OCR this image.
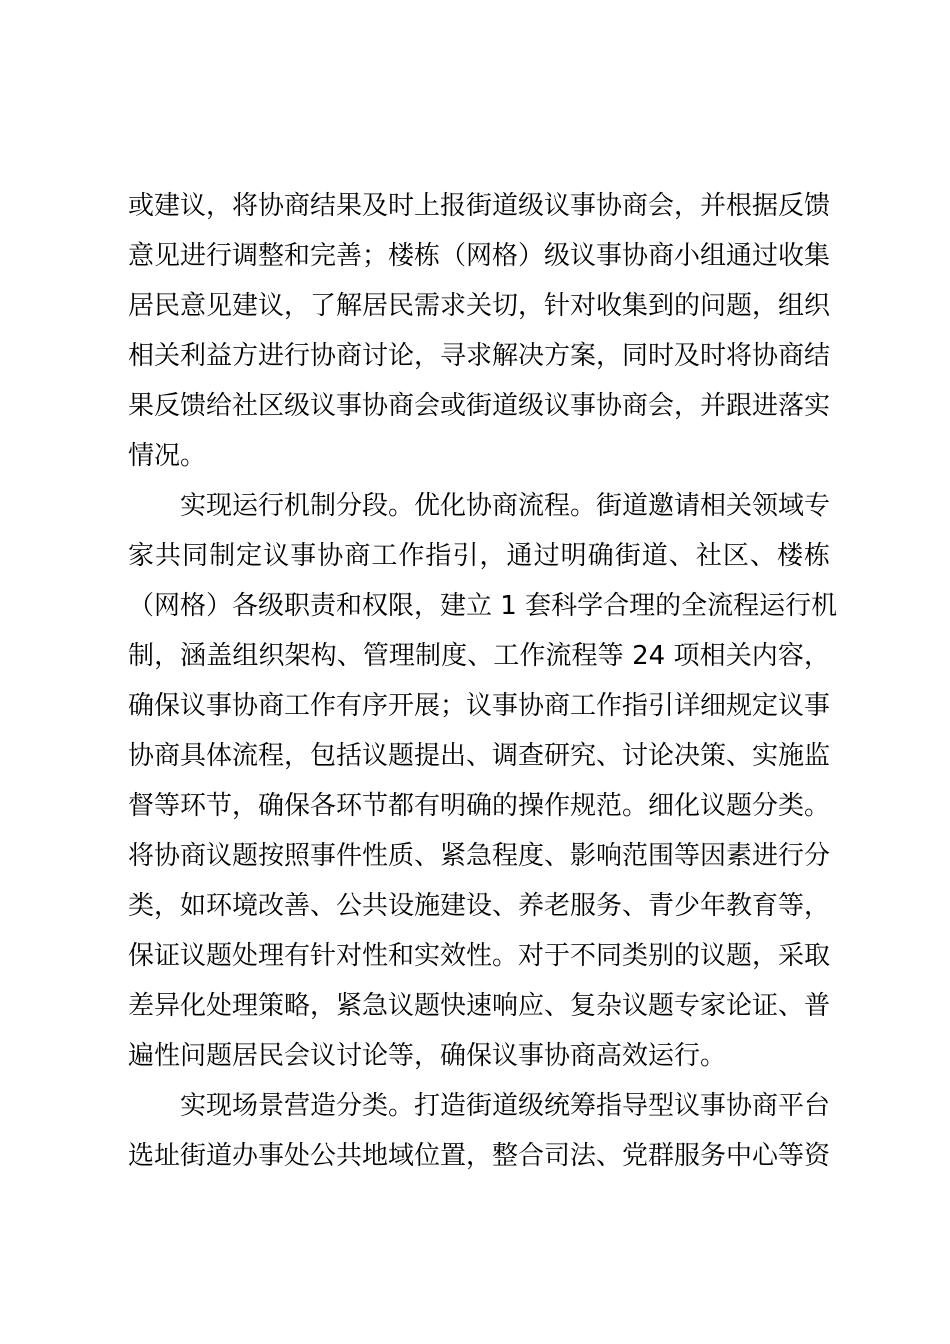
或建议，将协商结果及时上报街道级议事协商会，并根据反馈
意见进行调整和完善；楼栋（网格）级议事协商小组通过收集
居民意见建议，了解居民需求关切，针对收集到的问题，组织
相关利益方进行协商讨论，寻求解决方案，同时及时将协商结
果反馈给社区级议事协商会或街道级议事协商会，并跟进落实
情况。
实现运行机制分段。优化协商流程。街道邀请相关领域专
家共同制定议事协商工作指引，通过明确街道、社区、楼栋
（网格）各级职责和权限，建立 1 套科学合理的全流程运行机
制，涵盖组织架构、管理制度、工作流程等 24 项相关内容，
确保议事协商工作有序开展；议事协商工作指引详细规定议事
协商具体流程，包括议题提出、调查研究、讨论决策、实施监
督等环节，确保各环节都有明确的操作规范。细化议题分类。
将协商议题按照事件性质、紧急程度、影响范围等因素进行分
类，如环境改善、公共设施建设、养老服务、青少年教育等，
保证议题处理有针对性和实效性。对于不同类别的议题，采取
差异化处理策略，紧急议题快速响应、复杂议题专家论证、普
遍性问题居民会议讨论等，确保议事协商高效运行。
实现场景营造分类。打造街道级统筹指导型议事协商平台
选址街道办事处公共地域位置，整合司法、党群服务中心等资
